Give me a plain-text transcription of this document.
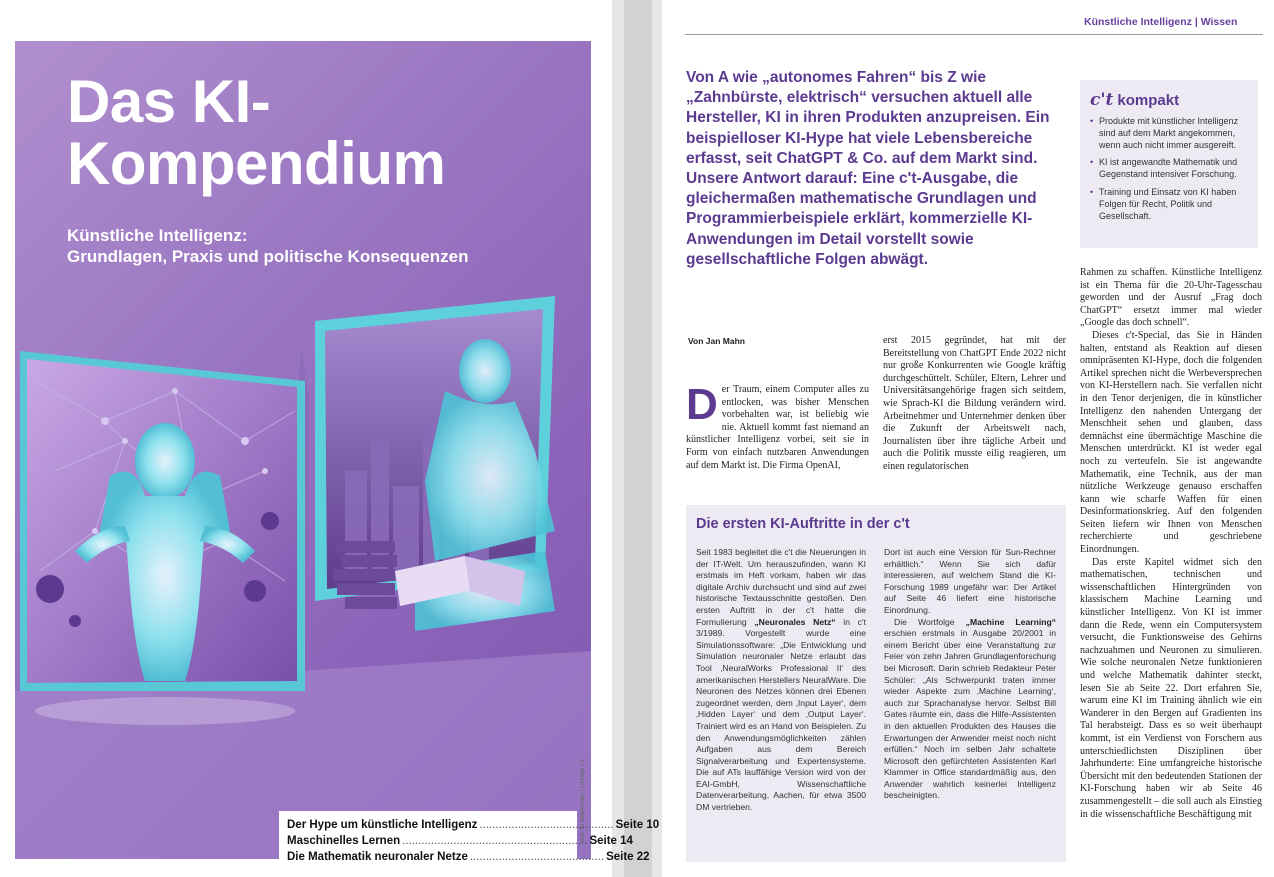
Das KI-
Kompendium
Künstliche Intelligenz:
Grundlagen, Praxis und politische Konsequenzen
Der Hype um künstliche Intelligenz .......................................... Seite 10
Maschinelles Lernen .......................................................... Seite 14
Die Mathematik neuronaler Netze .......................................... Seite 22
Bild: KI Midjourney | Collage c't
Künstliche Intelligenz | Wissen

Von A wie „autonomes Fahren“ bis Z wie „Zahnbürste, elektrisch“ versuchen aktuell alle Hersteller, KI in ihren Produkten anzupreisen. Ein beispielloser KI-Hype hat viele Lebensbereiche erfasst, seit ChatGPT & Co. auf dem Markt sind. Unsere Antwort darauf: Eine c't-Ausgabe, die gleichermaßen mathematische Grundlagen und Programmierbeispiele erklärt, kommerzielle KI-Anwendungen im Detail vorstellt sowie gesellschaftliche Folgen abwägt.

c't kompakt
• Produkte mit künstlicher Intelligenz sind auf dem Markt angekommen, wenn auch nicht immer ausgereift.
• KI ist angewandte Mathematik und Gegenstand intensiver Forschung.
• Training und Einsatz von KI haben Folgen für Recht, Politik und Gesellschaft.
Von Jan Mahn

Der Traum, einem Computer alles zu entlocken, was bisher Menschen vorbehalten war, ist beliebig wie nie. Aktuell kommt fast niemand an künstlicher Intelligenz vorbei, seit sie in Form von einfach nutzbaren Anwendungen auf dem Markt ist. Die Firma OpenAI,

erst 2015 gegründet, hat mit der Bereitstellung von ChatGPT Ende 2022 nicht nur große Konkurrenten wie Google kräftig durchgeschüttelt. Schüler, Eltern, Lehrer und Universitätsangehörige fragen sich seitdem, wie Sprach-KI die Bildung verändern wird. Arbeitnehmer und Unternehmer denken über die Zukunft der Arbeitswelt nach, Journalisten über ihre tägliche Arbeit und auch die Politik musste eilig reagieren, um einen regulatorischen

Rahmen zu schaffen. Künstliche Intelligenz ist ein Thema für die 20-Uhr-Tagesschau geworden und der Ausruf „Frag doch ChatGPT“ ersetzt immer mal wieder „Google das doch schnell“.

Dieses c't-Special, das Sie in Händen halten, entstand als Reaktion auf diesen omnipräsenten KI-Hype, doch die folgenden Artikel sprechen nicht die Werbeversprechen von KI-Herstellern nach. Sie verfallen nicht in den Tenor derjenigen, die in künstlicher Intelligenz den nahenden Untergang der Menschheit sehen und glauben, dass demnächst eine übermächtige Maschine die Menschen unterdrückt. KI ist weder egal noch zu verteufeln. Sie ist angewandte Mathematik, eine Technik, aus der man nützliche Werkzeuge genauso erschaffen kann wie scharfe Waffen für einen Desinformationskrieg. Auf den folgenden Seiten liefern wir Ihnen von Menschen recherchierte und geschriebene Einordnungen.

Das erste Kapitel widmet sich den mathematischen, technischen und wissenschaftlichen Hintergründen von klassischem Machine Learning und künstlicher Intelligenz. Von KI ist immer dann die Rede, wenn ein Computersystem versucht, die Funktionsweise des Gehirns nachzuahmen und Neuronen zu simulieren. Wie solche neuronalen Netze funktionieren und welche Mathematik dahinter steckt, lesen Sie ab Seite 22. Dort erfahren Sie, warum eine KI im Training ähnlich wie ein Wanderer in den Bergen auf Gradienten ins Tal herabsteigt. Dass es so weit überhaupt kommt, ist ein Verdienst von Forschern aus unterschiedlichsten Disziplinen über Jahrhunderte: Eine umfangreiche historische Übersicht mit den bedeutenden Stationen der KI-Forschung haben wir ab Seite 46 zusammengestellt – die soll auch als Einstieg in die wissenschaftliche Beschäftigung mit

Die ersten KI-Auftritte in der c't

Seit 1983 begleitet die c't die Neuerungen in der IT-Welt. Um herauszufinden, wann KI erstmals im Heft vorkam, haben wir das digitale Archiv durchsucht und sind auf zwei historische Textausschnitte gestoßen. Den ersten Auftritt in der c't hatte die Formulierung „Neuronales Netz“ in c't 3/1989. Vorgestellt wurde eine Simulationssoftware: „Die Entwicklung und Simulation neuronaler Netze erlaubt das Tool ‚NeuralWorks Professional II‘ des amerikanischen Herstellers NeuralWare. Die Neuronen des Netzes können drei Ebenen zugeordnet werden, dem ‚Input Layer‘, dem ‚Hidden Layer‘ und dem ‚Output Layer‘. Trainiert wird es an Hand von Beispielen. Zu den Anwendungsmöglichkeiten zählen Aufgaben aus dem Bereich Signalverarbeitung und Expertensysteme. Die auf ATs lauffähige Version wird von der EAI-GmbH, Wissenschaftliche Datenverarbeitung, Aachen, für etwa 3500 DM vertrieben.

Dort ist auch eine Version für Sun-Rechner erhältlich.“ Wenn Sie sich dafür interessieren, auf welchem Stand die KI-Forschung 1989 ungefähr war: Der Artikel auf Seite 46 liefert eine historische Einordnung.

Die Wortfolge „Machine Learning“ erschien erstmals in Ausgabe 20/2001 in einem Bericht über eine Veranstaltung zur Feier von zehn Jahren Grundlagenforschung bei Microsoft. Darin schrieb Redakteur Peter Schüler: „Als Schwerpunkt traten immer wieder Aspekte zum ‚Machine Learning‘, auch zur Sprachanalyse hervor. Selbst Bill Gates räumte ein, dass die Hilfe-Assistenten in den aktuellen Produkten des Hauses die Erwartungen der Anwender meist noch nicht erfüllen.“ Noch im selben Jahr schaltete Microsoft den gefürchteten Assistenten Karl Klammer in Office standardmäßig aus, den Anwender wahrlich keinerlei Intelligenz bescheinigten.
